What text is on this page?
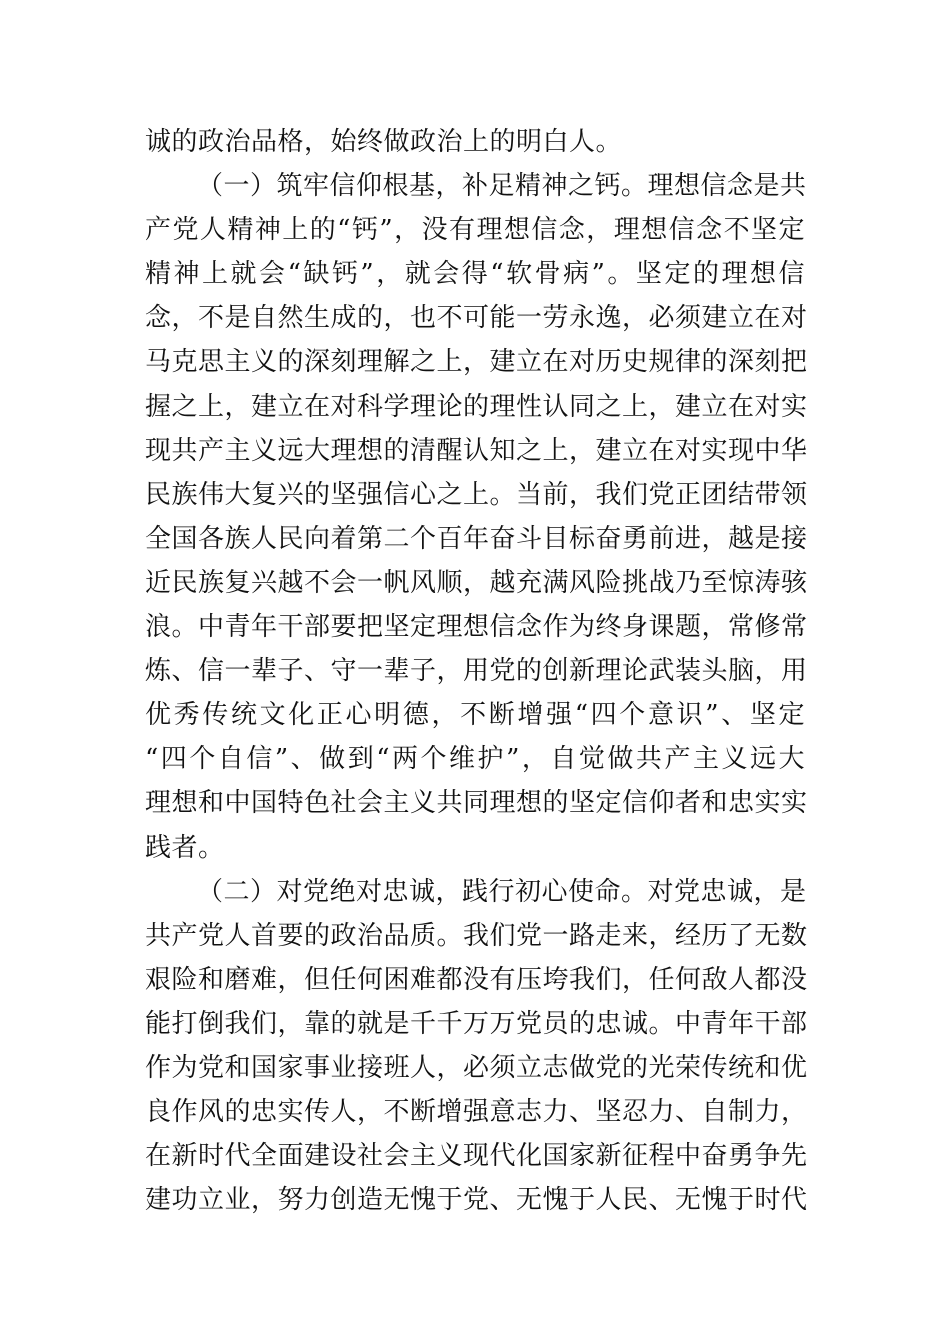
诚的政治品格，始终做政治上的明白人。
（一）筑牢信仰根基，补足精神之钙。理想信念是共
产党人精神上的“钙”，没有理想信念，理想信念不坚定
精神上就会“缺钙”，就会得“软骨病”。坚定的理想信
念，不是自然生成的，也不可能一劳永逸，必须建立在对
马克思主义的深刻理解之上，建立在对历史规律的深刻把
握之上，建立在对科学理论的理性认同之上，建立在对实
现共产主义远大理想的清醒认知之上，建立在对实现中华
民族伟大复兴的坚强信心之上。当前，我们党正团结带领
全国各族人民向着第二个百年奋斗目标奋勇前进，越是接
近民族复兴越不会一帆风顺，越充满风险挑战乃至惊涛骇
浪。中青年干部要把坚定理想信念作为终身课题，常修常
炼、信一辈子、守一辈子，用党的创新理论武装头脑，用
优秀传统文化正心明德，不断增强“四个意识”、坚定
“四个自信”、做到“两个维护”，自觉做共产主义远大
理想和中国特色社会主义共同理想的坚定信仰者和忠实实
践者。
（二）对党绝对忠诚，践行初心使命。对党忠诚，是
共产党人首要的政治品质。我们党一路走来，经历了无数
艰险和磨难，但任何困难都没有压垮我们，任何敌人都没
能打倒我们，靠的就是千千万万党员的忠诚。中青年干部
作为党和国家事业接班人，必须立志做党的光荣传统和优
良作风的忠实传人，不断增强意志力、坚忍力、自制力，
在新时代全面建设社会主义现代化国家新征程中奋勇争先
建功立业，努力创造无愧于党、无愧于人民、无愧于时代
